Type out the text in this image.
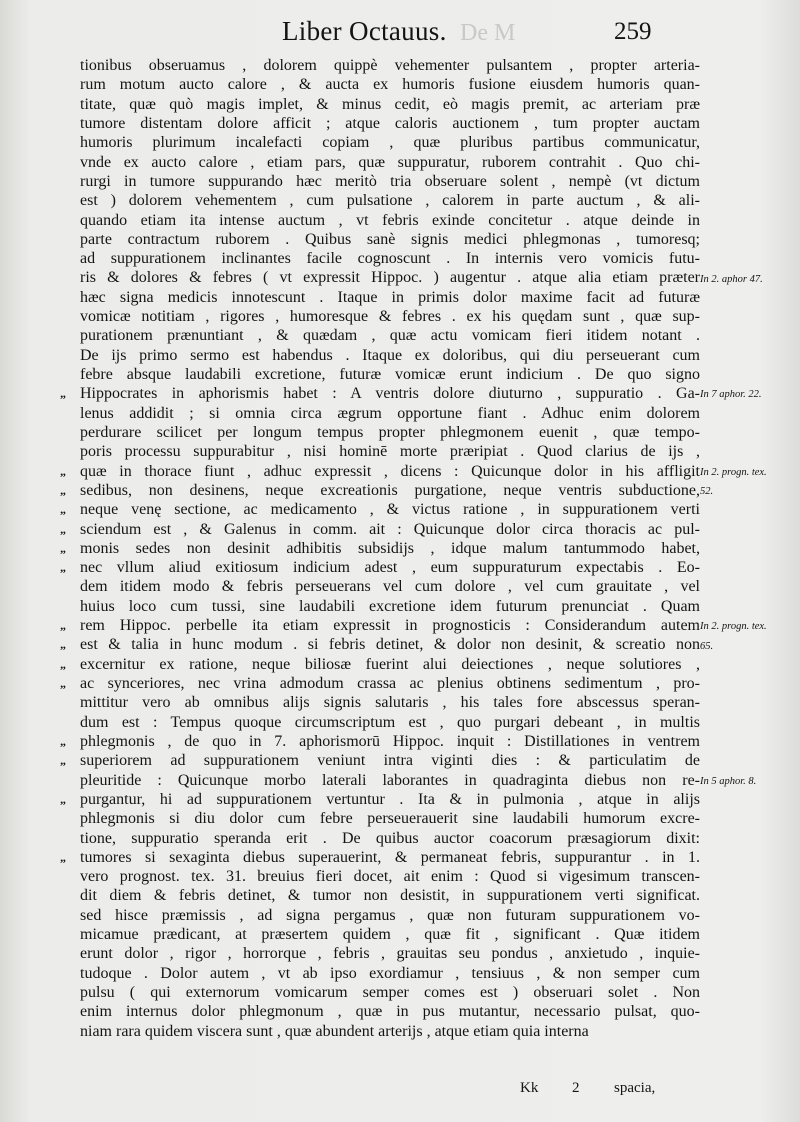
Liber Octauus. De M	259
tionibus obseruamus , dolorem quippè vehementer pulsantem , propter arteria-
rum motum aucto calore , & aucta ex humoris fusione eiusdem humoris quan-
titate, quæ quò magis implet, & minus cedit, eò magis premit, ac arteriam præ
tumore distentam dolore afficit ; atque caloris auctionem , tum propter auctam
humoris plurimum incalefacti copiam , quæ pluribus partibus communicatur,
vnde ex aucto calore , etiam pars, quæ suppuratur, ruborem contrahit . Quo chi-
rurgi in tumore suppurando hæc meritò tria obseruare solent , nempè (vt dictum
est ) dolorem vehementem , cum pulsatione , calorem in parte auctum , & ali-
quando etiam ita intense auctum , vt febris exinde concitetur . atque deinde in
parte contractum ruborem . Quibus sanè signis medici phlegmonas , tumoresq;
ad suppurationem inclinantes facile cognoscunt . In internis vero vomicis futu-
ris & dolores & febres ( vt expressit Hippoc. ) augentur . atque alia etiam præter
hæc signa medicis innotescunt . Itaque in primis dolor maxime facit ad futuræ
vomicæ notitiam , rigores , humoresque & febres . ex his quędam sunt , quæ sup-
purationem prænuntiant , & quædam , quæ actu vomicam fieri itidem notant .
De ijs primo sermo est habendus . Itaque ex doloribus, qui diu perseuerant cum
febre absque laudabili excretione, futuræ vomicæ erunt indicium . De quo signo
„ Hippocrates in aphorismis habet : A ventris dolore diuturno , suppuratio . Ga-
lenus addidit ; si omnia circa ægrum opportune fiant . Adhuc enim dolorem
perdurare scilicet per longum tempus propter phlegmonem euenit , quæ tempo-
poris processu suppurabitur , nisi hominē morte præripiat . Quod clarius de ijs ,
„ quæ in thorace fiunt , adhuc expressit , dicens : Quicunque dolor in his affligit
„ sedibus, non desinens, neque excreationis purgatione, neque ventris subductione,
„ neque venę sectione, ac medicamento , & victus ratione , in suppurationem verti
„ sciendum est , & Galenus in comm. ait : Quicunque dolor circa thoracis ac pul-
„ monis sedes non desinit adhibitis subsidijs , idque malum tantummodo habet,
„ nec vllum aliud exitiosum indicium adest , eum suppuraturum expectabis . Eo-
dem itidem modo & febris perseuerans vel cum dolore , vel cum grauitate , vel
huius loco cum tussi, sine laudabili excretione idem futurum prenunciat . Quam
„ rem Hippoc. perbelle ita etiam expressit in prognosticis : Considerandum autem
„ est & talia in hunc modum . si febris detinet, & dolor non desinit, & screatio non
„ excernitur ex ratione, neque biliosæ fuerint alui deiectiones , neque solutiores ,
„ ac synceriores, nec vrina admodum crassa ac plenius obtinens sedimentum , pro-
mittitur vero ab omnibus alijs signis salutaris , his tales fore abscessus speran-
dum est : Tempus quoque circumscriptum est , quo purgari debeant , in multis
„ phlegmonis , de quo in 7. aphorismorū Hippoc. inquit : Distillationes in ventrem
„ superiorem ad suppurationem veniunt intra viginti dies : & particulatim de
pleuritide : Quicunque morbo laterali laborantes in quadraginta diebus non re-
„ purgantur, hi ad suppurationem vertuntur . Ita & in pulmonia , atque in alijs
phlegmonis si diu dolor cum febre perseuerauerit sine laudabili humorum excre-
tione, suppuratio speranda erit . De quibus auctor coacorum præsagiorum dixit:
„ tumores si sexaginta diebus superauerint, & permaneat febris, suppurantur . in 1.
vero prognost. tex. 31. breuius fieri docet, ait enim : Quod si vigesimum transcen-
dit diem & febris detinet, & tumor non desistit, in suppurationem verti significat.
sed hisce præmissis , ad signa pergamus , quæ non futuram suppurationem vo-
micamue prædicant, at præsertem quidem , quæ fit , significant . Quæ itidem
erunt dolor , rigor , horrorque , febris , grauitas seu pondus , anxietudo , inquie-
tudoque . Dolor autem , vt ab ipso exordiamur , tensiuus , & non semper cum
pulsu ( qui externorum vomicarum semper comes est ) obseruari solet . Non
enim internus dolor phlegmonum , quæ in pus mutantur, necessario pulsat, quo-
niam rara quidem viscera sunt , quæ abundent arterijs , atque etiam quia interna
In 2. aphor 47.
In 7 aphor. 22.
In 2. progn. tex.
52.
In 2. progn. tex.
65.
In 5 aphor. 8.
Kk 2 spacia,
